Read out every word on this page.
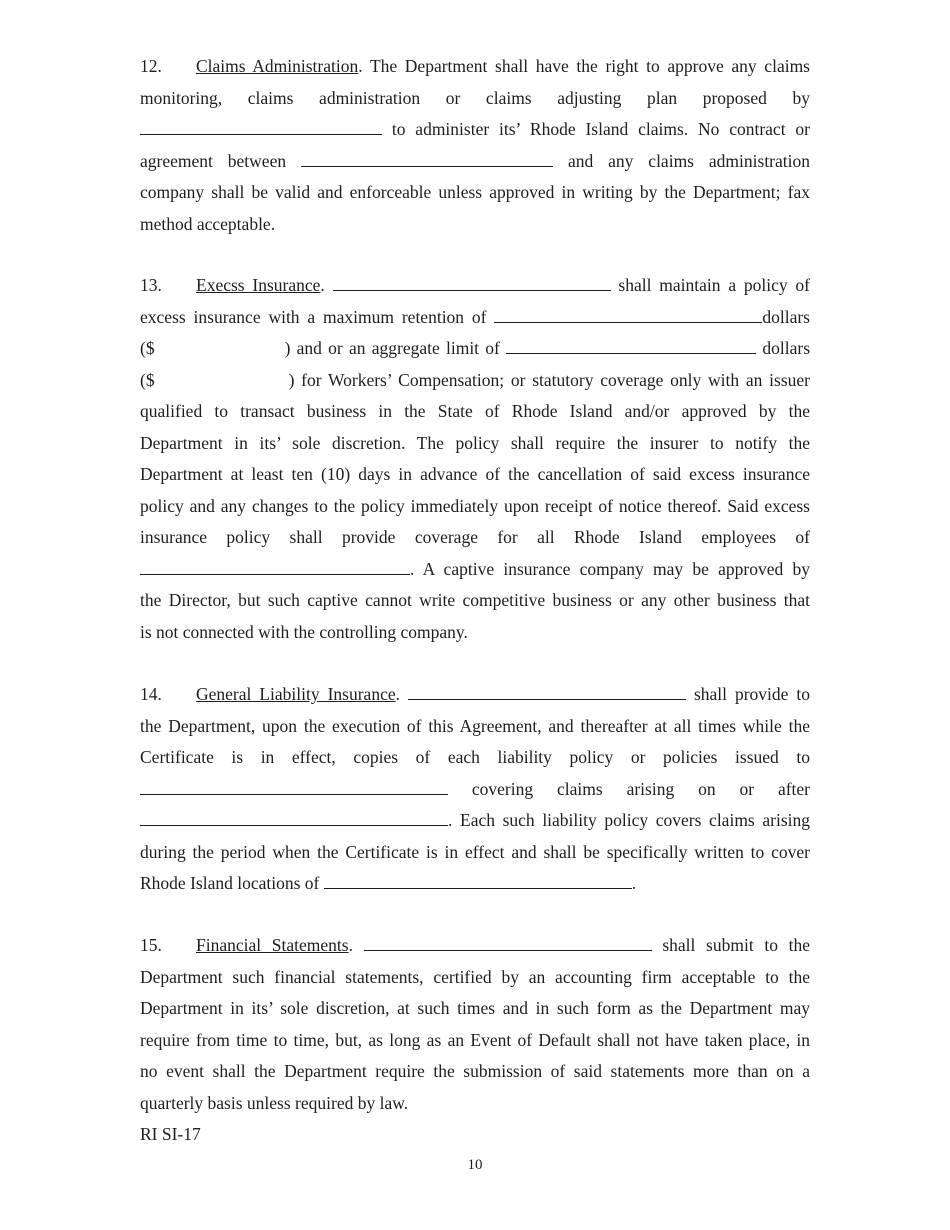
12. Claims Administration. The Department shall have the right to approve any claims
monitoring, claims administration or claims adjusting plan proposed by
to administer its’ Rhode Island claims. No contract or
agreement between	and any claims administration
company shall be valid and enforceable unless approved in writing by the Department; fax
method acceptable.
13. Execss Insurance.	shall maintain a policy of
excess insurance with a maximum retention of	dollars
($	) and or an aggregate limit of	dollars
($	) for Workers’ Compensation; or statutory coverage only with an issuer
qualified to transact business in the State of Rhode Island and/or approved by the
Department in its’ sole discretion. The policy shall require the insurer to notify the
Department at least ten (10) days in advance of the cancellation of said excess insurance
policy and any changes to the policy immediately upon receipt of notice thereof. Said excess
insurance policy shall provide coverage for all Rhode Island employees of
. A captive insurance company may be approved by
the Director, but such captive cannot write competitive business or any other business that
is not connected with the controlling company.
14. General Liability Insurance.	shall provide to
the Department, upon the execution of this Agreement, and thereafter at all times while the
Certificate is in effect, copies of each liability policy or policies issued to
covering claims arising on or after
. Each such liability policy covers claims arising
during the period when the Certificate is in effect and shall be specifically written to cover
Rhode Island locations of	.
15. Financial Statements.	shall submit to the
Department such financial statements, certified by an accounting firm acceptable to the
Department in its’ sole discretion, at such times and in such form as the Department may
require from time to time, but, as long as an Event of Default shall not have taken place, in
no event shall the Department require the submission of said statements more than on a
quarterly basis unless required by law.
RI SI-17
10
